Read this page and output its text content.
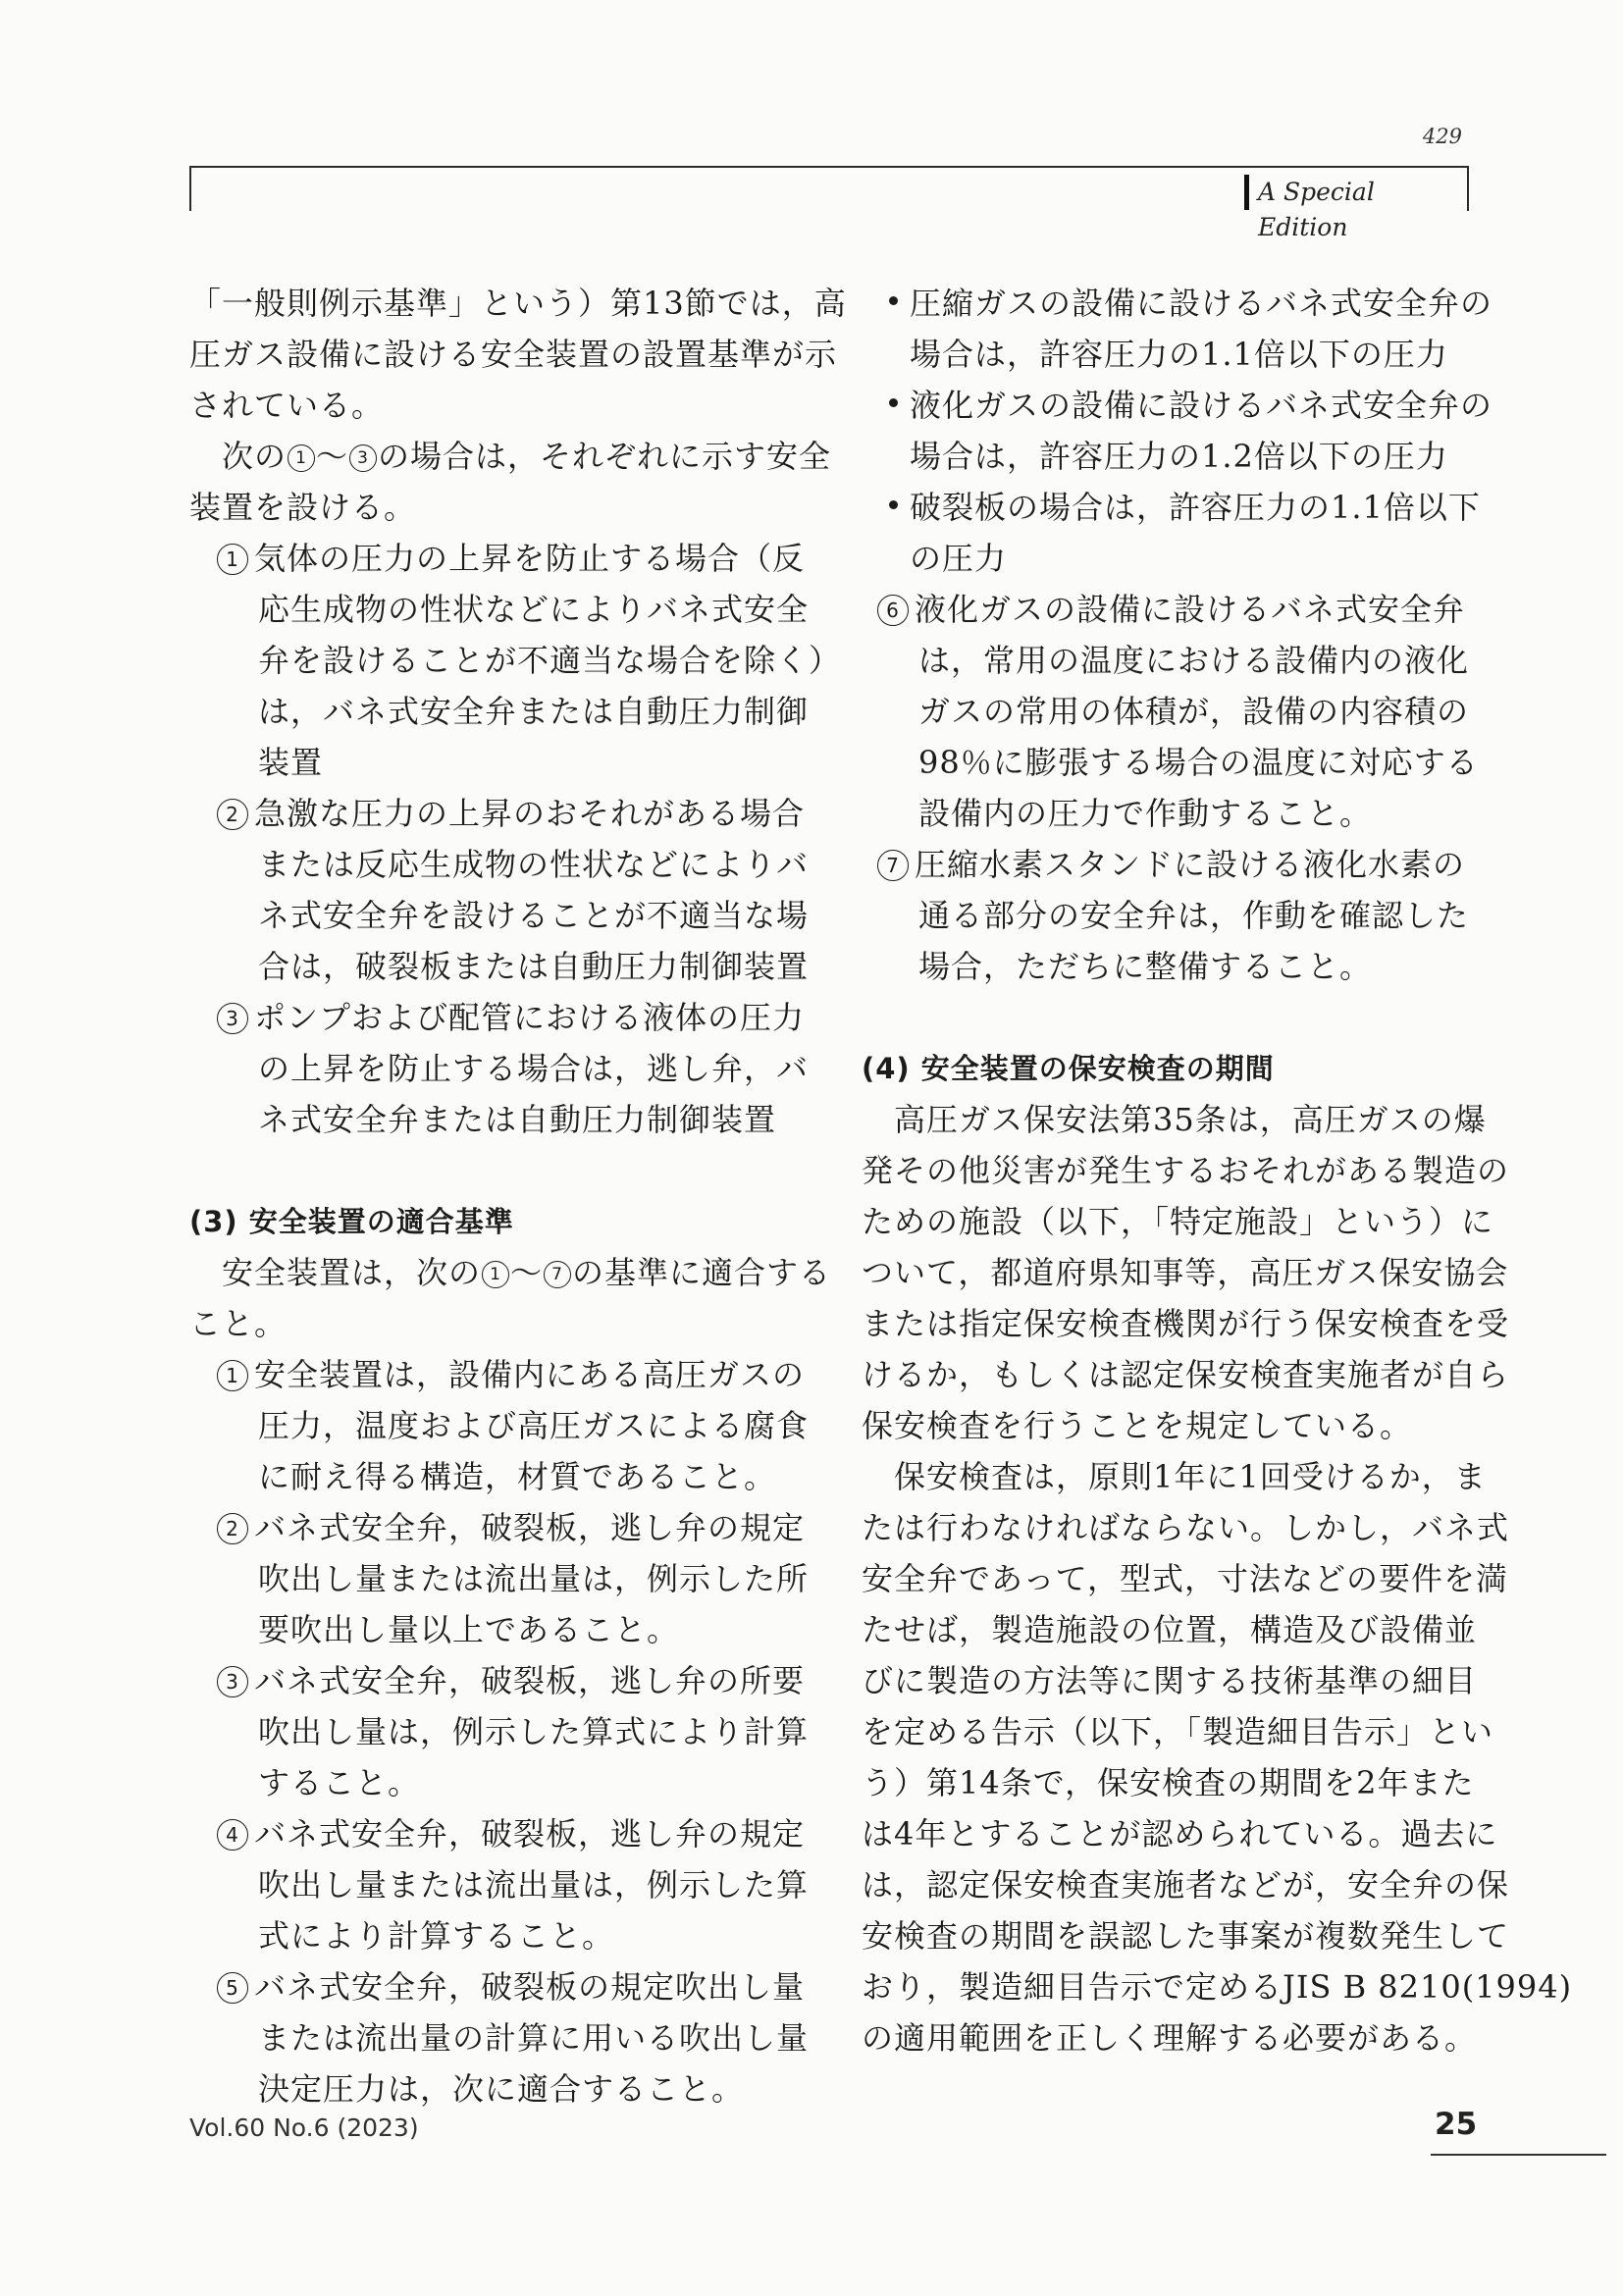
429
A Special Edition
「一般則例示基準」という）第13節では，高
圧ガス設備に設ける安全装置の設置基準が示
されている。
　次の 1 〜 3 の場合は，それぞれに示す安全
装置を設ける。
1 気体の圧力の上昇を防止する場合（反
応生成物の性状などによりバネ式安全
弁を設けることが不適当な場合を除く）
は，バネ式安全弁または自動圧力制御
装置
2 急激な圧力の上昇のおそれがある場合
または反応生成物の性状などによりバ
ネ式安全弁を設けることが不適当な場
合は，破裂板または自動圧力制御装置
3 ポンプおよび配管における液体の圧力
の上昇を防止する場合は，逃し弁，バ
ネ式安全弁または自動圧力制御装置
(3) 安全装置の適合基準
　安全装置は，次の 1 〜 7 の基準に適合する
こと。
1 安全装置は，設備内にある高圧ガスの
圧力，温度および高圧ガスによる腐食
に耐え得る構造，材質であること。
2 バネ式安全弁，破裂板，逃し弁の規定
吹出し量または流出量は，例示した所
要吹出し量以上であること。
3 バネ式安全弁，破裂板，逃し弁の所要
吹出し量は，例示した算式により計算
すること。
4 バネ式安全弁，破裂板，逃し弁の規定
吹出し量または流出量は，例示した算
式により計算すること。
5 バネ式安全弁，破裂板の規定吹出し量
または流出量の計算に用いる吹出し量
決定圧力は，次に適合すること。
圧縮ガスの設備に設けるバネ式安全弁の
場合は，許容圧力の1.1倍以下の圧力
液化ガスの設備に設けるバネ式安全弁の
場合は，許容圧力の1.2倍以下の圧力
破裂板の場合は，許容圧力の1.1倍以下
の圧力
6 液化ガスの設備に設けるバネ式安全弁
は，常用の温度における設備内の液化
ガスの常用の体積が，設備の内容積の
98％に膨張する場合の温度に対応する
設備内の圧力で作動すること。
7 圧縮水素スタンドに設ける液化水素の
通る部分の安全弁は，作動を確認した
場合，ただちに整備すること。
(4) 安全装置の保安検査の期間
　高圧ガス保安法第35条は，高圧ガスの爆
発その他災害が発生するおそれがある製造の
ための施設（以下，「特定施設」という）に
ついて，都道府県知事等，高圧ガス保安協会
または指定保安検査機関が行う保安検査を受
けるか，もしくは認定保安検査実施者が自ら
保安検査を行うことを規定している。
　保安検査は，原則1年に1回受けるか，ま
たは行わなければならない。しかし，バネ式
安全弁であって，型式，寸法などの要件を満
たせば，製造施設の位置，構造及び設備並
びに製造の方法等に関する技術基準の細目
を定める告示（以下，「製造細目告示」とい
う）第14条で，保安検査の期間を2年また
は4年とすることが認められている。過去に
は，認定保安検査実施者などが，安全弁の保
安検査の期間を誤認した事案が複数発生して
おり，製造細目告示で定めるJIS B 8210(1994)
の適用範囲を正しく理解する必要がある。
Vol.60 No.6 (2023)	25
